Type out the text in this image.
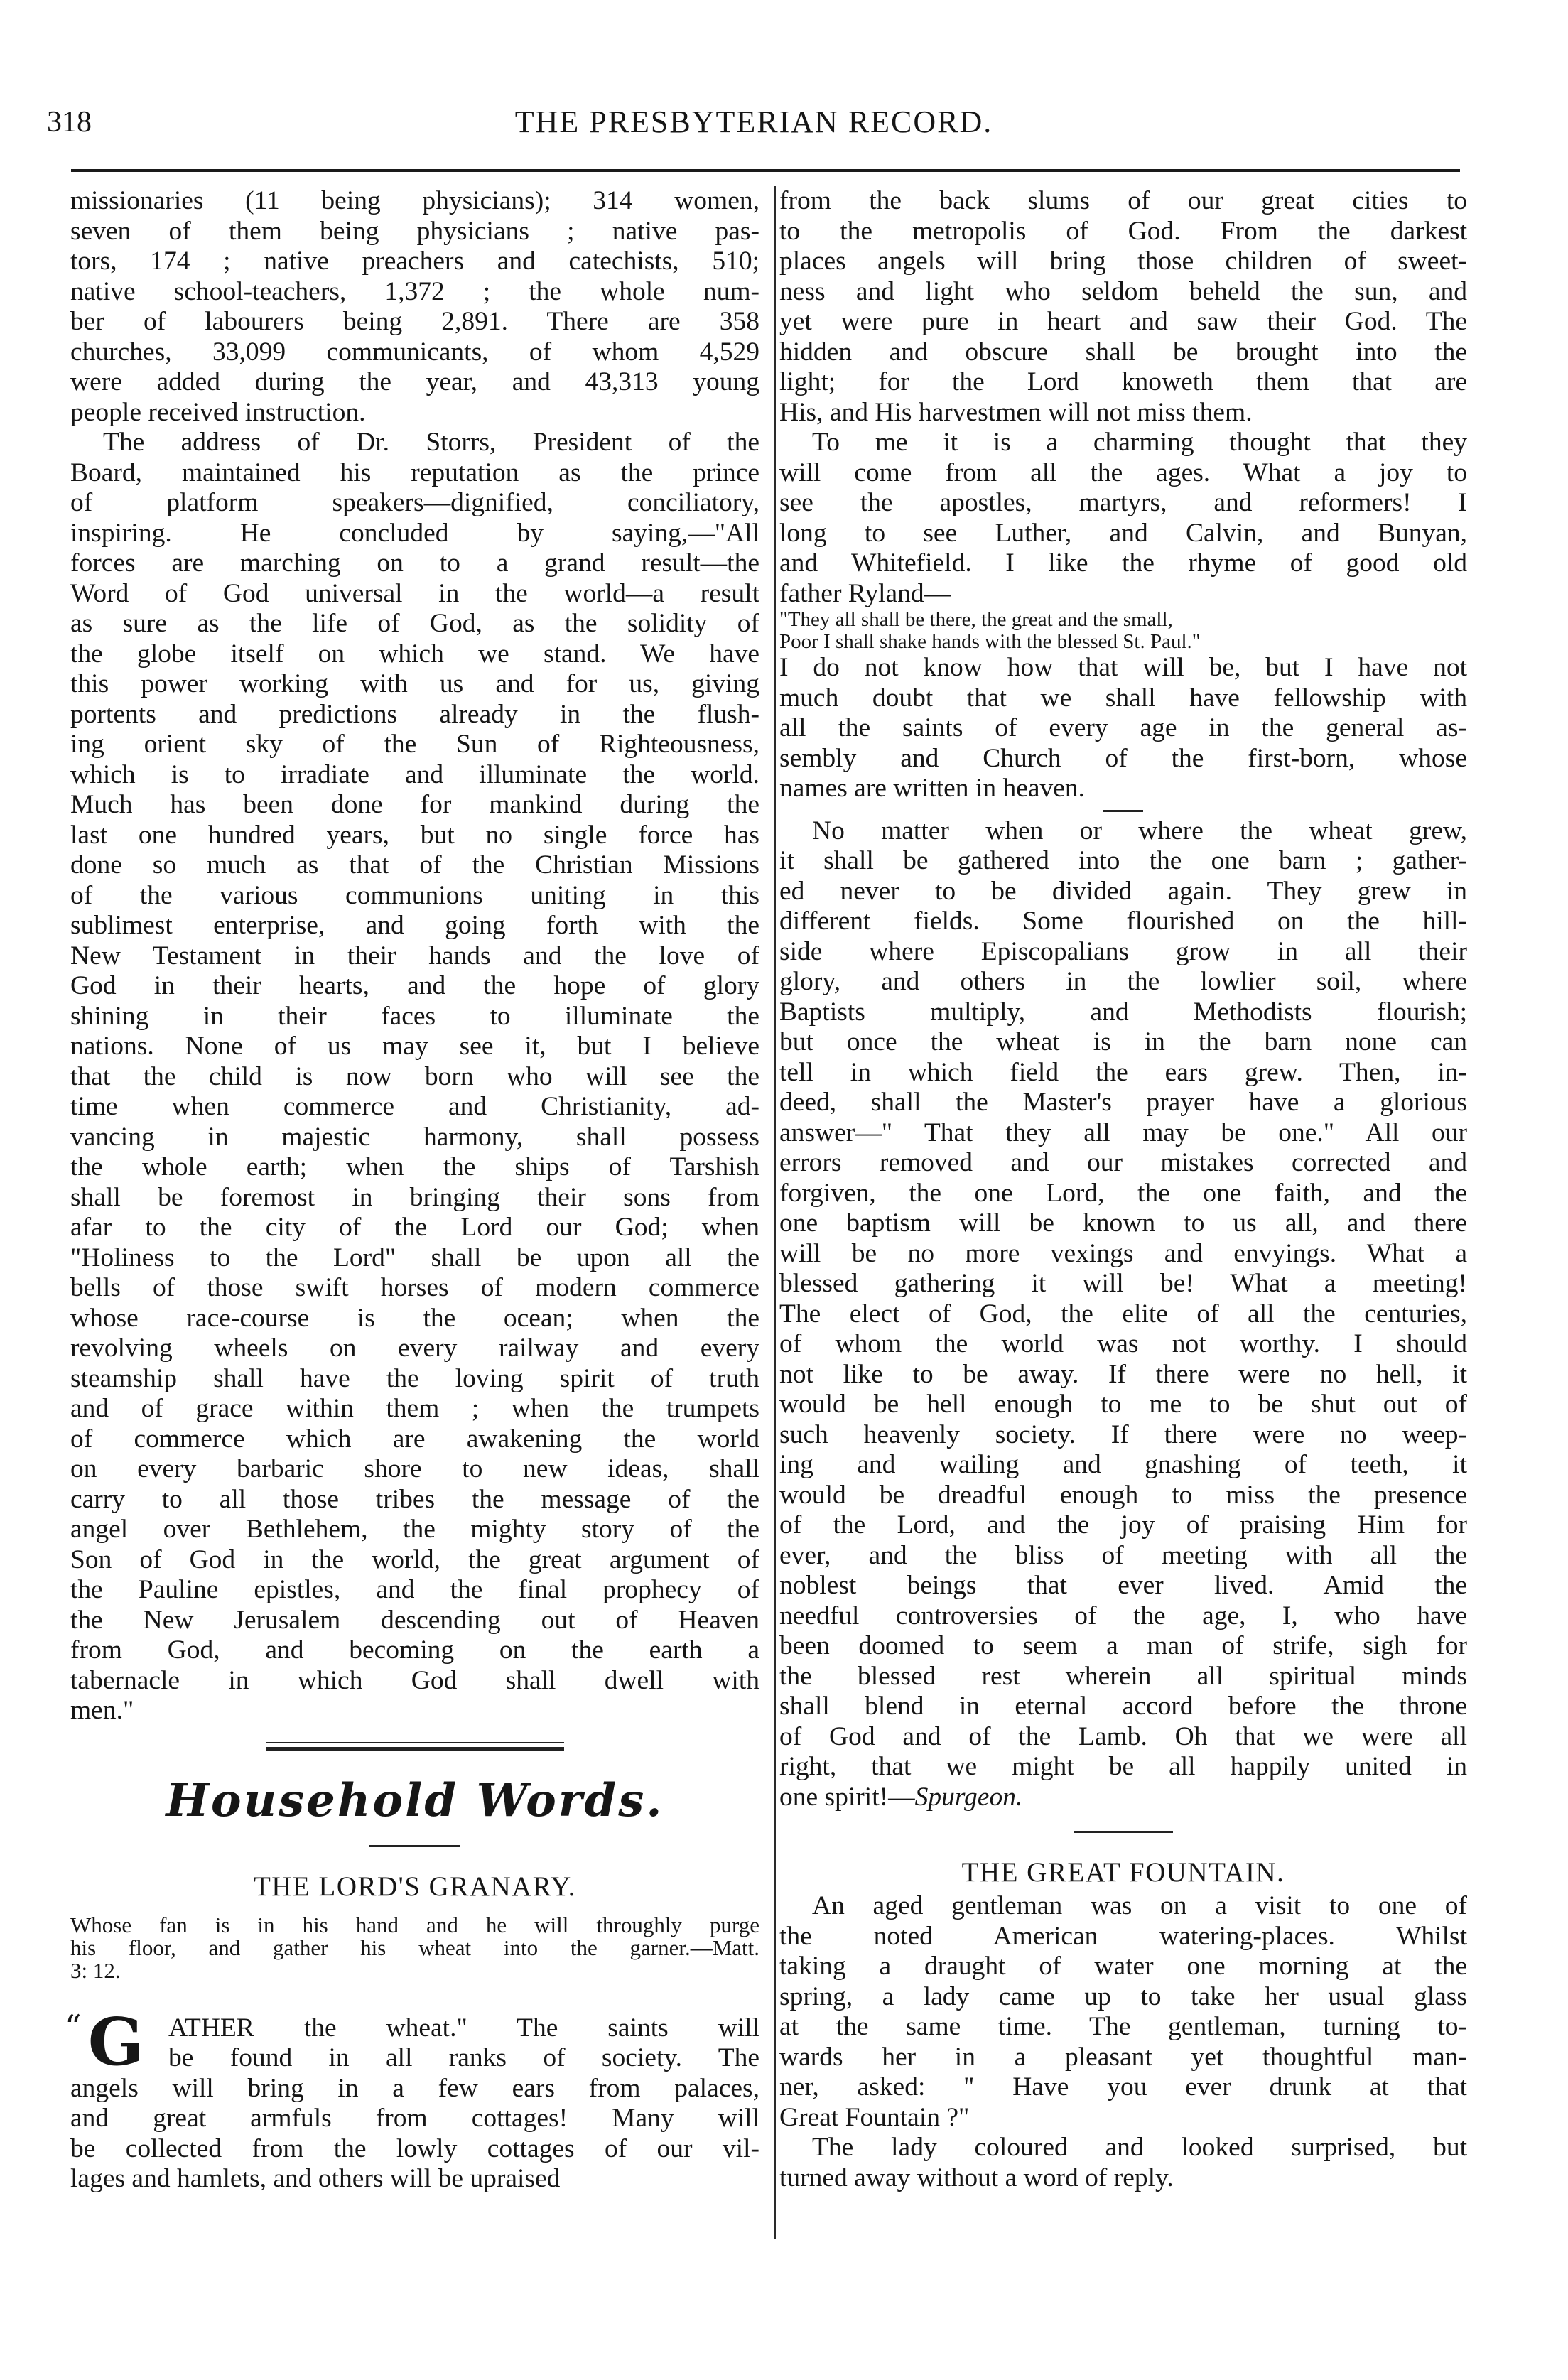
318	THE PRESBYTERIAN RECORD.

missionaries (11 being physicians); 314 women,

seven of them being physicians ; native pas-

tors, 174 ; native preachers and catechists, 510;

native school-teachers, 1,372 ; the whole num-

ber of labourers being 2,891. There are 358

churches, 33,099 communicants, of whom 4,529

were added during the year, and 43,313 young

people received instruction.

The address of Dr. Storrs, President of the

Board, maintained his reputation as the prince

of platform speakers—dignified, conciliatory,

inspiring. He concluded by saying,—"All

forces are marching on to a grand result—the

Word of God universal in the world—a result

as sure as the life of God, as the solidity of

the globe itself on which we stand. We have

this power working with us and for us, giving

portents and predictions already in the flush-

ing orient sky of the Sun of Righteousness,

which is to irradiate and illuminate the world.

Much has been done for mankind during the

last one hundred years, but no single force has

done so much as that of the Christian Missions

of the various communions uniting in this

sublimest enterprise, and going forth with the

New Testament in their hands and the love of

God in their hearts, and the hope of glory

shining in their faces to illuminate the

nations. None of us may see it, but I believe

that the child is now born who will see the

time when commerce and Christianity, ad-

vancing in majestic harmony, shall possess

the whole earth; when the ships of Tarshish

shall be foremost in bringing their sons from

afar to the city of the Lord our God; when

"Holiness to the Lord" shall be upon all the

bells of those swift horses of modern commerce

whose race-course is the ocean; when the

revolving wheels on every railway and every

steamship shall have the loving spirit of truth

and of grace within them ; when the trumpets

of commerce which are awakening the world

on every barbaric shore to new ideas, shall

carry to all those tribes the message of the

angel over Bethlehem, the mighty story of the

Son of God in the world, the great argument of

the Pauline epistles, and the final prophecy of

the New Jerusalem descending out of Heaven

from God, and becoming on the earth a

tabernacle in which God shall dwell with

men."

Household Words.
THE LORD'S GRANARY.
Whose fan is in his hand and he will throughly purge
his floor, and gather his wheat into the garner.—Matt.
3: 12.
“ G ATHER the wheat." The saints will

be found in all ranks of society. The

angels will bring in a few ears from palaces,

and great armfuls from cottages! Many will

be collected from the lowly cottages of our vil-

lages and hamlets, and others will be upraised

from the back slums of our great cities to

to the metropolis of God. From the darkest

places angels will bring those children of sweet-

ness and light who seldom beheld the sun, and

yet were pure in heart and saw their God. The

hidden and obscure shall be brought into the

light; for the Lord knoweth them that are

His, and His harvestmen will not miss them.

To me it is a charming thought that they

will come from all the ages. What a joy to

see the apostles, martyrs, and reformers! I

long to see Luther, and Calvin, and Bunyan,

and Whitefield. I like the rhyme of good old

father Ryland—

"They all shall be there, the great and the small,
Poor I shall shake hands with the blessed St. Paul."

I do not know how that will be, but I have not

much doubt that we shall have fellowship with

all the saints of every age in the general as-

sembly and Church of the first-born, whose

names are written in heaven.

No matter when or where the wheat grew,

it shall be gathered into the one barn ; gather-

ed never to be divided again. They grew in

different fields. Some flourished on the hill-

side where Episcopalians grow in all their

glory, and others in the lowlier soil, where

Baptists multiply, and Methodists flourish;

but once the wheat is in the barn none can

tell in which field the ears grew. Then, in-

deed, shall the Master's prayer have a glorious

answer—" That they all may be one." All our

errors removed and our mistakes corrected and

forgiven, the one Lord, the one faith, and the

one baptism will be known to us all, and there

will be no more vexings and envyings. What a

blessed gathering it will be! What a meeting!

The elect of God, the elite of all the centuries,

of whom the world was not worthy. I should

not like to be away. If there were no hell, it

would be hell enough to me to be shut out of

such heavenly society. If there were no weep-

ing and wailing and gnashing of teeth, it

would be dreadful enough to miss the presence

of the Lord, and the joy of praising Him for

ever, and the bliss of meeting with all the

noblest beings that ever lived. Amid the

needful controversies of the age, I, who have

been doomed to seem a man of strife, sigh for

the blessed rest wherein all spiritual minds

shall blend in eternal accord before the throne

of God and of the Lamb. Oh that we were all

right, that we might be all happily united in

one spirit!—Spurgeon.

THE GREAT FOUNTAIN.

An aged gentleman was on a visit to one of

the noted American watering-places. Whilst

taking a draught of water one morning at the

spring, a lady came up to take her usual glass

at the same time. The gentleman, turning to-

wards her in a pleasant yet thoughtful man-

ner, asked: " Have you ever drunk at that

Great Fountain ?"

The lady coloured and looked surprised, but

turned away without a word of reply.
